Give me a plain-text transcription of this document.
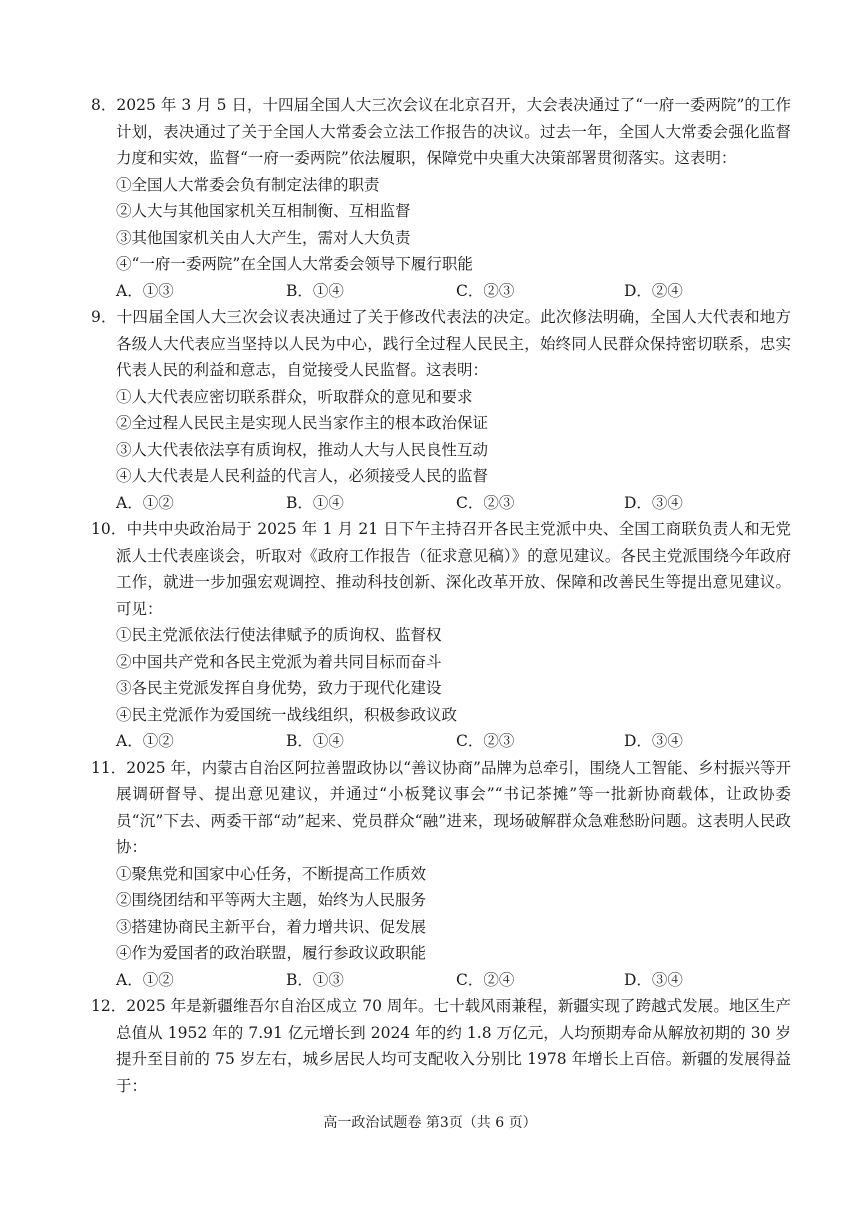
8．2025 年 3 月 5 日，十四届全国人大三次会议在北京召开，大会表决通过了“一府一委两院”的工作计划，表决通过了关于全国人大常委会立法工作报告的决议。过去一年，全国人大常委会强化监督力度和实效，监督“一府一委两院”依法履职，保障党中央重大决策部署贯彻落实。这表明：

①全国人大常委会负有制定法律的职责

②人大与其他国家机关互相制衡、互相监督

③其他国家机关由人大产生，需对人大负责

④“一府一委两院”在全国人大常委会领导下履行职能

A．①③	B．①④	C．②③	D．②④

9．十四届全国人大三次会议表决通过了关于修改代表法的决定。此次修法明确，全国人大代表和地方各级人大代表应当坚持以人民为中心，践行全过程人民民主，始终同人民群众保持密切联系，忠实代表人民的利益和意志，自觉接受人民监督。这表明：

①人大代表应密切联系群众，听取群众的意见和要求

②全过程人民民主是实现人民当家作主的根本政治保证

③人大代表依法享有质询权，推动人大与人民良性互动

④人大代表是人民利益的代言人，必须接受人民的监督

A．①②	B．①④	C．②③	D．③④

10．中共中央政治局于 2025 年 1 月 21 日下午主持召开各民主党派中央、全国工商联负责人和无党派人士代表座谈会，听取对《政府工作报告（征求意见稿）》的意见建议。各民主党派围绕今年政府工作，就进一步加强宏观调控、推动科技创新、深化改革开放、保障和改善民生等提出意见建议。可见：

①民主党派依法行使法律赋予的质询权、监督权

②中国共产党和各民主党派为着共同目标而奋斗

③各民主党派发挥自身优势，致力于现代化建设

④民主党派作为爱国统一战线组织，积极参政议政

A．①②	B．①④	C．②③	D．③④

11．2025 年，内蒙古自治区阿拉善盟政协以“善议协商”品牌为总牵引，围绕人工智能、乡村振兴等开展调研督导、提出意见建议，并通过“小板凳议事会”“书记茶摊”等一批新协商载体，让政协委员“沉”下去、两委干部“动”起来、党员群众“融”进来，现场破解群众急难愁盼问题。这表明人民政协：

①聚焦党和国家中心任务，不断提高工作质效

②围绕团结和平等两大主题，始终为人民服务

③搭建协商民主新平台，着力增共识、促发展

④作为爱国者的政治联盟，履行参政议政职能

A．①②	B．①③	C．②④	D．③④

12．2025 年是新疆维吾尔自治区成立 70 周年。七十载风雨兼程，新疆实现了跨越式发展。地区生产总值从 1952 年的 7.91 亿元增长到 2024 年的约 1.8 万亿元，人均预期寿命从解放初期的 30 岁提升至目前的 75 岁左右，城乡居民人均可支配收入分别比 1978 年增长上百倍。新疆的发展得益于：

高一政治试题卷 第3页（共 6 页）
